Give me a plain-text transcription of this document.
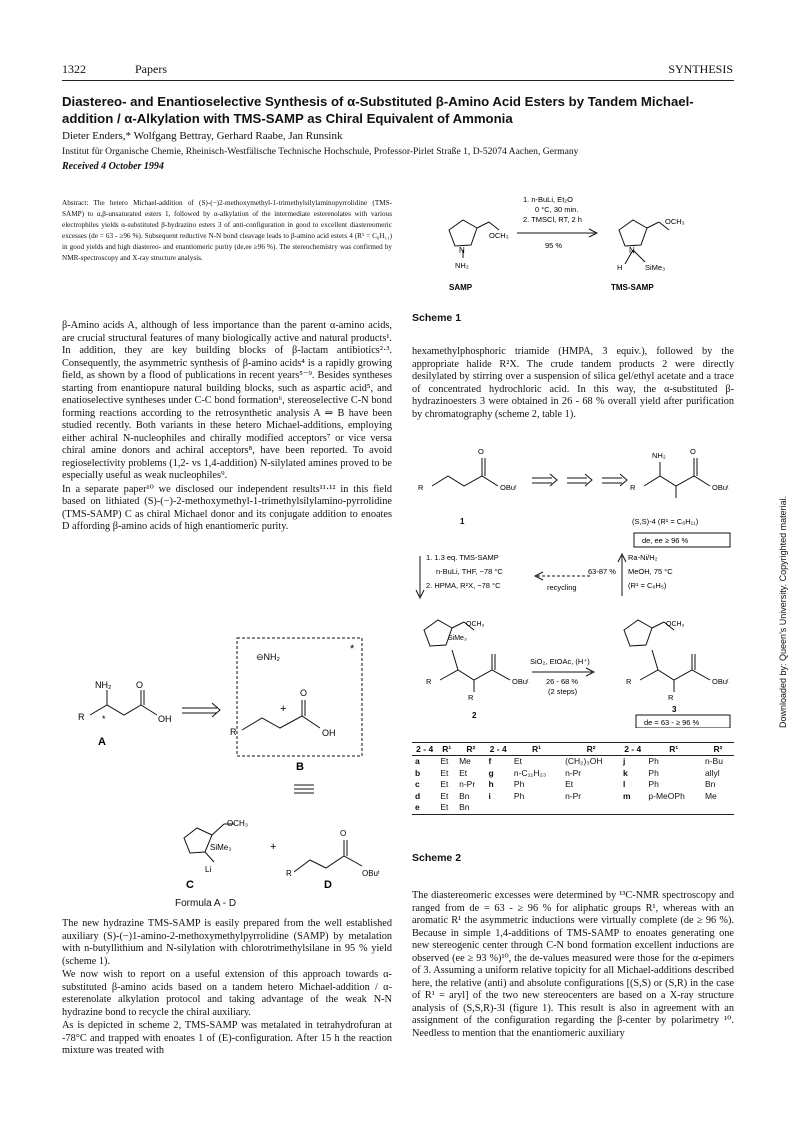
1322	Papers	SYNTHESIS
Diastereo- and Enantioselective Synthesis of α-Substituted β-Amino Acid Esters by Tandem Michael-addition / α-Alkylation with TMS-SAMP as Chiral Equivalent of Ammonia
Dieter Enders,* Wolfgang Bettray, Gerhard Raabe, Jan Runsink
Institut für Organische Chemie, Rheinisch-Westfälische Technische Hochschule, Professor-Pirlet Straße 1, D-52074 Aachen, Germany
Received 4 October 1994
Abstract: The hetero Michael-addition of (S)-(−)2-methoxymethyl-1-trimethylsilylaminopyrrolidine (TMS-SAMP) to α,β-unsaturated esters 1, followed by α-alkylation of the intermediate esterenolates with various electrophiles yields α-substituted β-hydrazino esters 3 of anti-configuration in good to excellent diastereomeric excesses (de = 63 - ≥96 %). Subsequent reductive N-N bond cleavage leads to β-amino acid esters 4 (R¹ = C₆H₁₁) in good yields and high diastereo- and enantiomeric purity (de,ee ≥96 %). The stereochemistry was confirmed by NMR-spectroscopy and X-ray structure analysis.

β-Amino acids A, although of less importance than the parent α-amino acids, are crucial structural features of many biologically active and natural products¹. In addition, they are key building blocks of β-lactam antibiotics²·³. Consequently, the asymmetric synthesis of β-amino acids⁴ is a rapidly growing field, as shown by a flood of publications in recent years⁵⁻⁹. Besides syntheses starting from enantiopure natural building blocks, such as aspartic acid⁵, and enatioselective syntheses under C-C bond formation⁶, stereoselective C-N bond forming reactions according to the retrosynthetic analysis A ⇒ B have been studied recently. Both variants in these hetero Michael-additions, employing either achiral N-nucleophiles and chirally modified acceptors⁷ or vice versa chiral amine donors and achiral acceptors⁸, have been reported. To avoid regioselectivity problems (1,2- vs 1,4-addition) N-silylated amines proved to be especially useful as weak nucleophiles⁹.

In a separate paper¹⁰ we disclosed our independent results¹¹·¹² in this field based on lithiated (S)-(−)-2-methoxymethyl-1-trimethylsilylamino-pyrrolidine (TMS-SAMP) C as chiral Michael donor and its conjugate addition to enoates D affording β-amino acids of high enantiomeric purity.

NH₂	O
R *	OH
A
⊖NH₂
*
O
+
R	OH
B
OCH₃
SiMe₃
Li
+
R
O
OBuᵗ
C	D
Formula A - D

The new hydrazine TMS-SAMP is easily prepared from the well established auxiliary (S)-(−)1-amino-2-methoxymethylpyrrolidine (SAMP) by metalation with n-butyllithium and N-silylation with chlorotrimethylsilane in 95 % yield (scheme 1).

We now wish to report on a useful extension of this approach towards α-substituted β-amino acids based on a tandem hetero Michael-addition / α-esterenolate alkylation protocol and taking advantage of the weak N-N hydrazine bond to recycle the chiral auxiliary.

As is depicted in scheme 2, TMS-SAMP was metalated in tetrahydrofuran at -78°C and trapped with enoates 1 of (E)-configuration. After 15 h the reaction mixture was treated with

N
OCH₃
NH₂
1. n-BuLi, Et₂O
0 °C, 30 min.
2. TMSCl, RT, 2 h
95 %
N
OCH₃
H	SiMe₃
SAMP	TMS-SAMP
Scheme 1

hexamethylphosphoric triamide (HMPA, 3 equiv.), followed by the appropriate halide R²X. The crude tandem products 2 were directly desilylated by stirring over a suspension of silica gel/ethyl acetate and a trace of concentrated hydrochloric acid. In this way, the α-substituted β-hydrazinoesters 3 were obtained in 26 - 68 % overall yield after purification by chromatography (scheme 2, table 1).

R
O
OBuᵗ
1
NH₂	O
R	OBuᵗ
(S,S)-4 (R¹ = C₆H₁₁)
de, ee ≥ 96 %
1. 1.3 eq. TMS-SAMP
n-BuLi, THF, −78 °C
2. HPMA, R²X, −78 °C	recycling
63-87 %
Ra-Ni/H₂
MeOH, 75 °C
(R¹ = C₆H₅)
OCH₃
SiMe₃
R	OBuᵗ
R
2
SiO₂, EtOAc, (H⁺)
26 - 68 %
(2 steps)
OCH₃
R	OBuᵗ
R
3
de = 63 - ≥ 96 %
2 - 4	R¹	R²	2 - 4	R¹	R²	2 - 4	R¹	R²
a	Et	Me	f	Et	(CH₂)₃OH	j	Ph	n-Bu
b	Et	Et	g	n-C₁₁H₂₃	n-Pr	k	Ph	allyl
c	Et	n-Pr	h	Ph	Et	l	Ph	Bn
d	Et	Bn	i	Ph	n-Pr	m	p-MeOPh	Me
e	Et	Bn						
Scheme 2

The diastereomeric excesses were determined by ¹³C-NMR spectroscopy and ranged from de = 63 - ≥ 96 % for aliphatic groups R¹, whereas with an aromatic R¹ the asymmetric inductions were virtually complete (de ≥ 96 %). Because in simple 1,4-additions of TMS-SAMP to enoates generating one new stereogenic center through C-N bond formation excellent inductions are observed (ee ≥ 93 %)¹⁰, the de-values measured were those for the α-epimers of 3. Assuming a uniform relative topicity for all Michael-additions described here, the relative (anti) and absolute configurations [(S,S) or (S,R) in the case of R¹ = aryl] of the two new stereocenters are based on a X-ray structure analysis of (S,S,R)-3l (figure 1). This result is also in agreement with an assignment of the configuration regarding the β-center by polarimetry ¹⁰. Needless to mention that the enantiomeric auxiliary

Downloaded by: Queen's University. Copyrighted material.
